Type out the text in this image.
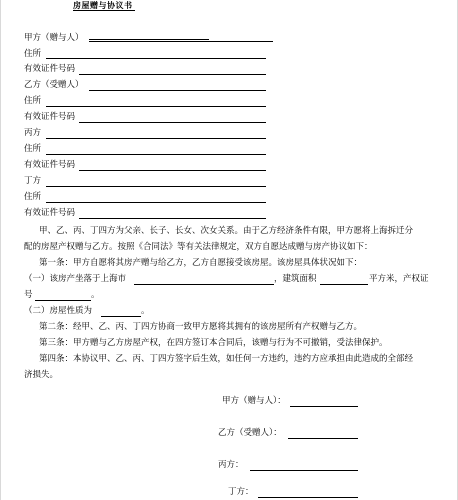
房屋赠与协议书
甲方（赠与人）
住所
有效证件号码
乙方（受赠人）
住所
有效证件号码
丙方
住所
有效证件号码
丁方
住所
有效证件号码
甲、乙、丙、丁四方为父亲、长子、长女、次女关系。由于乙方经济条件有限，甲方愿将上海拆迁分
配的房屋产权赠与乙方。按照《合同法》等有关法律规定，双方自愿达成赠与房产协议如下：
第一条：甲方自愿将其房产赠与给乙方，乙方自愿接受该房屋。该房屋具体状况如下：
（一）该房产坐落于上海市	，建筑面积	平方米，产权证
号	。
（二）房屋性质为	。
第二条：经甲、乙、丙、丁四方协商一致甲方愿将其拥有的该房屋所有产权赠与乙方。
第三条：甲方赠与乙方房屋产权，在四方签订本合同后，该赠与行为不可撤销，受法律保护。
第四条：本协议甲、乙、丙、丁四方签字后生效，如任何一方违约，违约方应承担由此造成的全部经
济损失。
甲方（赠与人）：
乙方（受赠人）：
丙方：
丁方：
